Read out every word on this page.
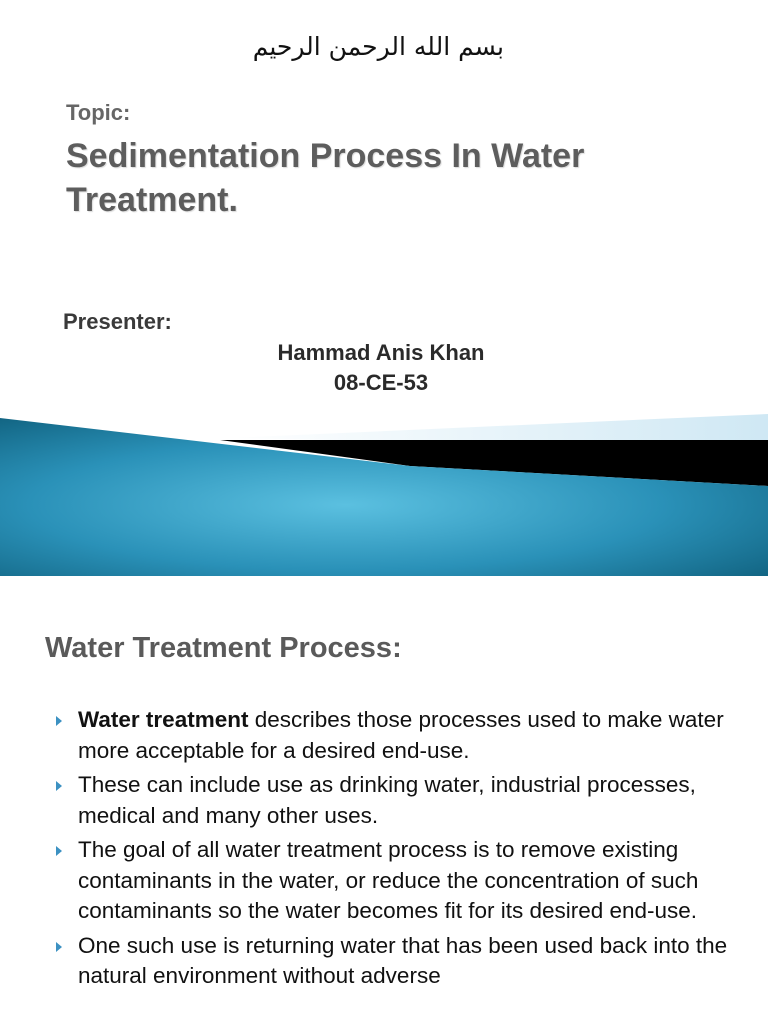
بسم الله الرحمن الرحيم
Topic:
Sedimentation Process In Water Treatment.
Presenter:
Hammad Anis Khan
08-CE-53
Water Treatment Process:
Water treatment describes those processes used to make water more acceptable for a desired end-use.
These can include use as drinking water, industrial processes, medical and many other uses.
The goal of all water treatment process is to remove existing contaminants in the water, or reduce the concentration of such contaminants so the water becomes fit for its desired end-use.
One such use is returning water that has been used back into the natural environment without adverse
